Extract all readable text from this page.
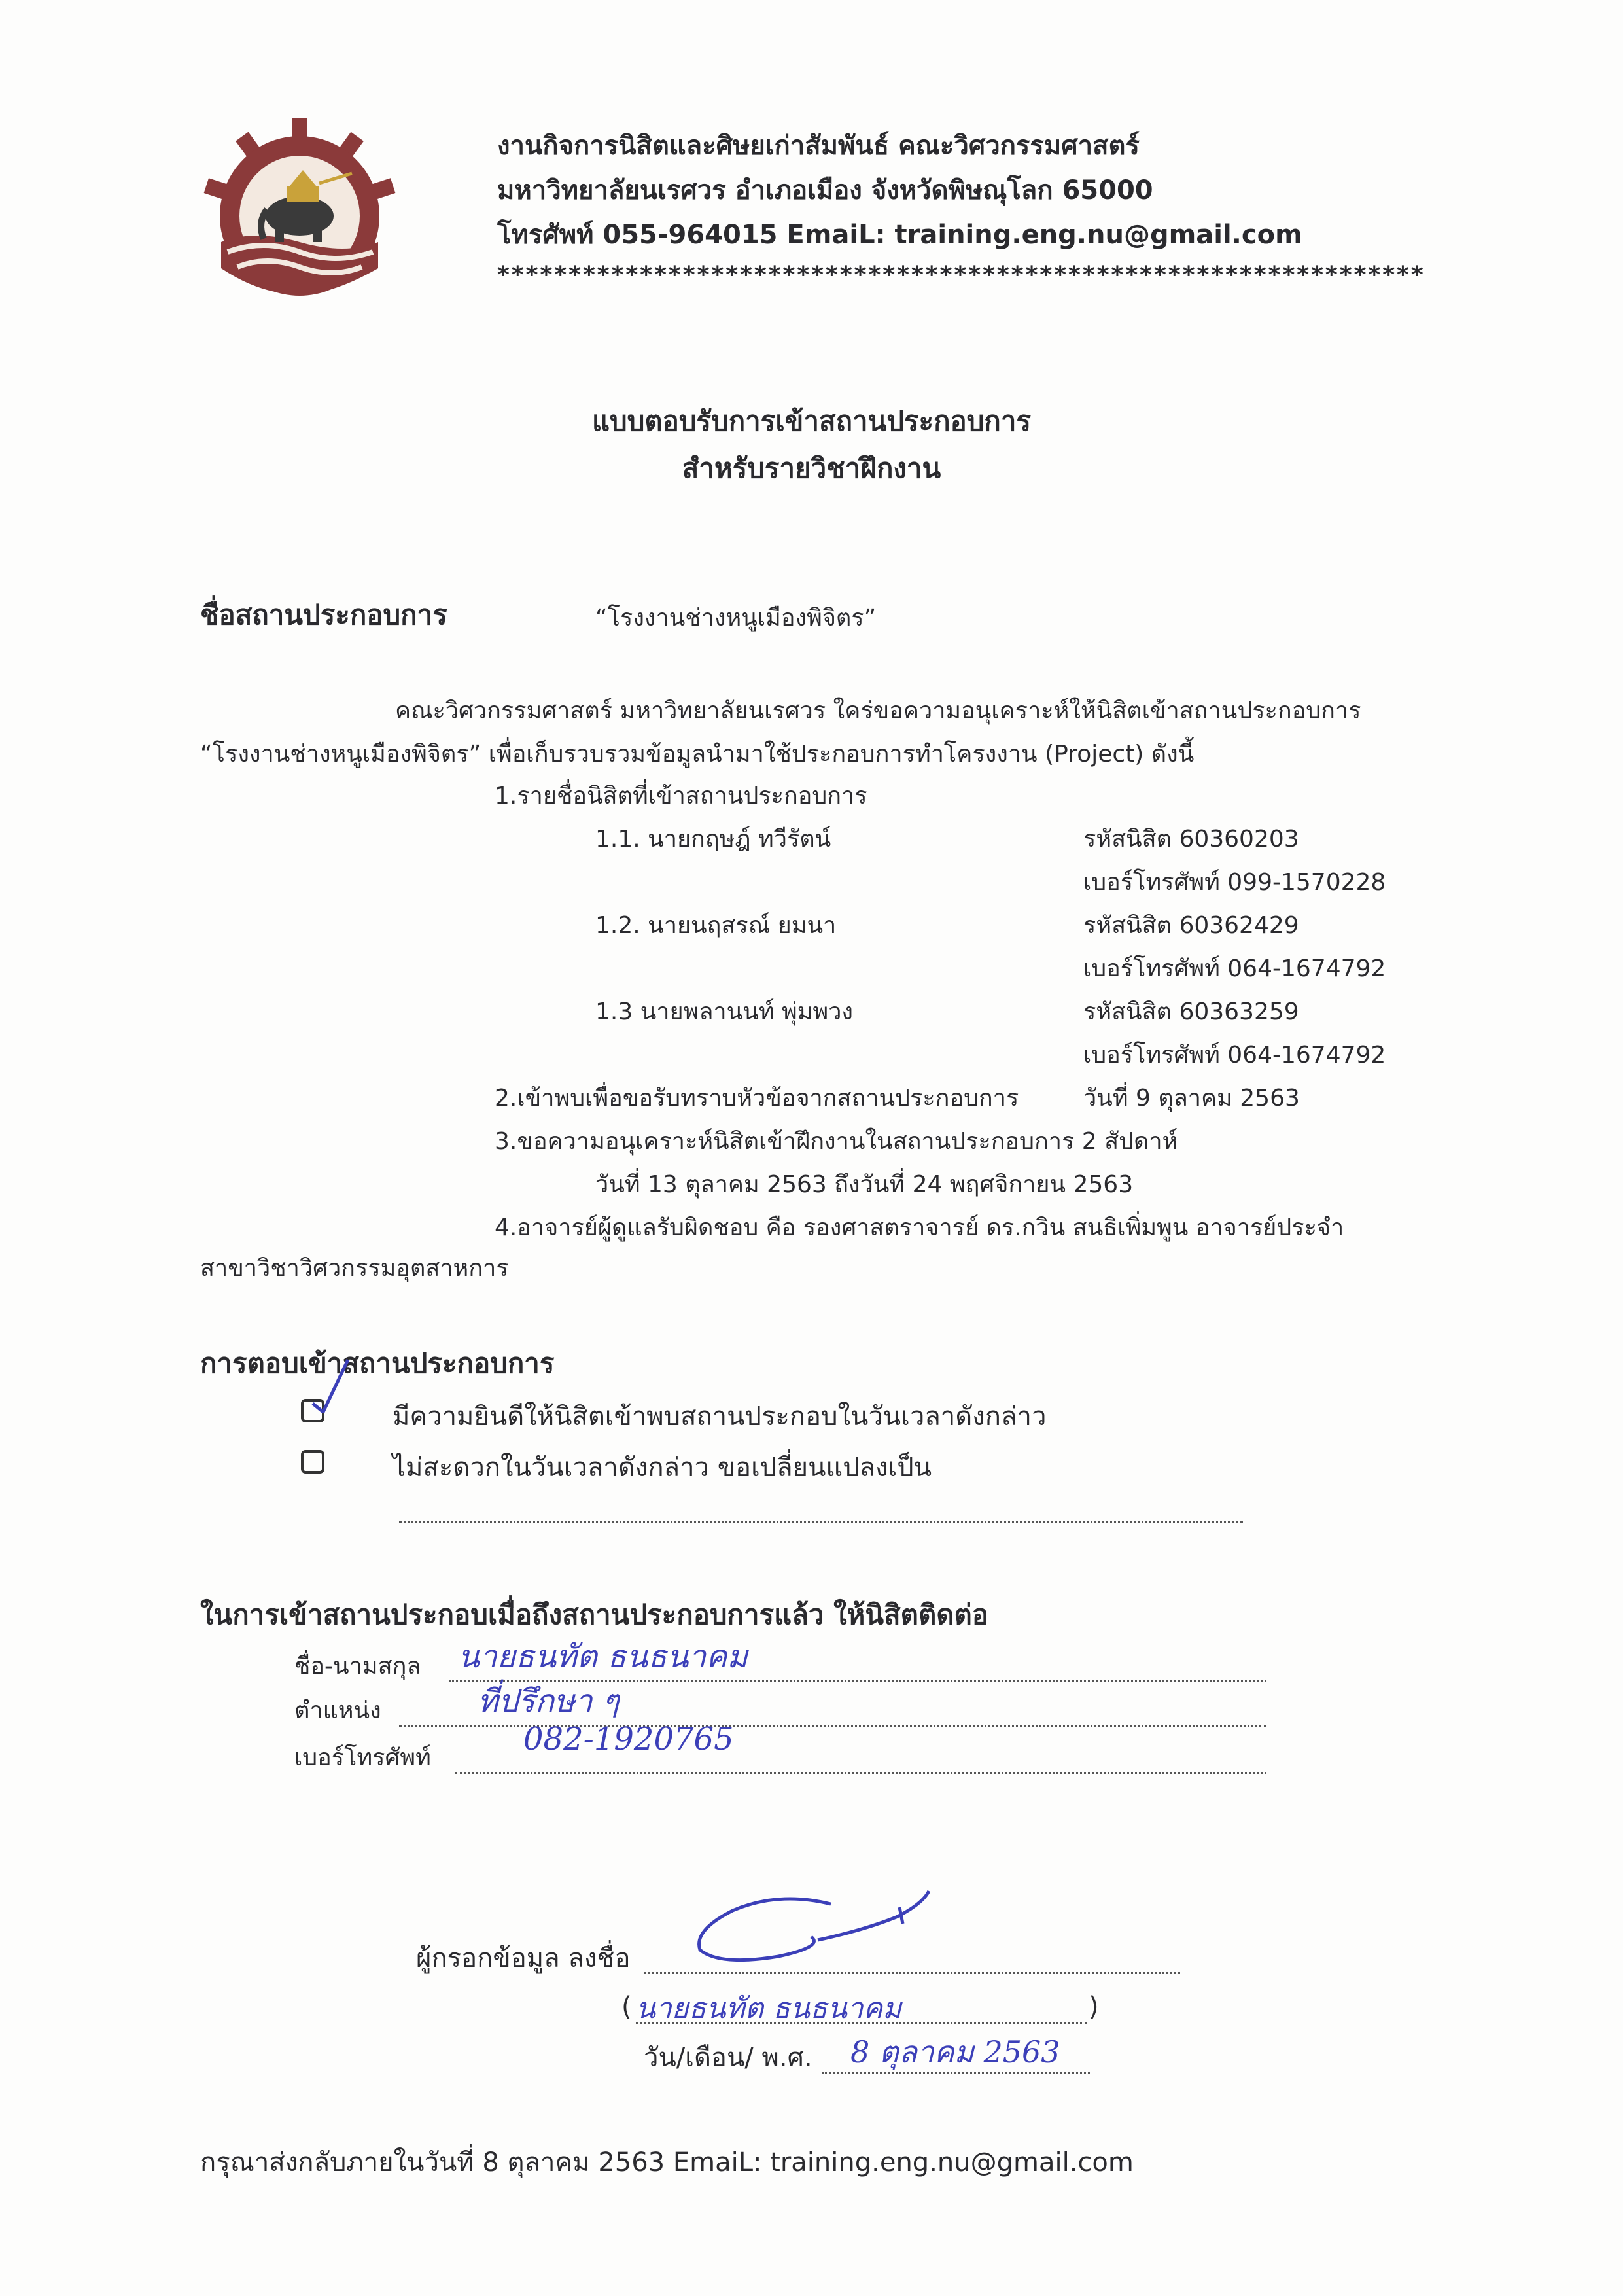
งานกิจการนิสิตและศิษยเก่าสัมพันธ์ คณะวิศวกรรมศาสตร์
มหาวิทยาลัยนเรศวร อำเภอเมือง จังหวัดพิษณุโลก 65000
โทรศัพท์ 055-964015 EmaiL: training.eng.nu@gmail.com
*****************************************************************
แบบตอบรับการเข้าสถานประกอบการ
สำหรับรายวิชาฝึกงาน
ชื่อสถานประกอบการ	“โรงงานช่างหนูเมืองพิจิตร”
คณะวิศวกรรมศาสตร์ มหาวิทยาลัยนเรศวร ใคร่ขอความอนุเคราะห์ให้นิสิตเข้าสถานประกอบการ
“โรงงานช่างหนูเมืองพิจิตร” เพื่อเก็บรวบรวมข้อมูลนำมาใช้ประกอบการทำโครงงาน (Project) ดังนี้
1.รายชื่อนิสิตที่เข้าสถานประกอบการ
1.1. นายกฤษฎ์ ทวีรัตน์	รหัสนิสิต 60360203
เบอร์โทรศัพท์ 099-1570228
1.2. นายนฤสรณ์ ยมนา	รหัสนิสิต 60362429
เบอร์โทรศัพท์ 064-1674792
1.3 นายพลานนท์ พุ่มพวง	รหัสนิสิต 60363259
เบอร์โทรศัพท์ 064-1674792
2.เข้าพบเพื่อขอรับทราบหัวข้อจากสถานประกอบการ	วันที่ 9 ตุลาคม 2563
3.ขอความอนุเคราะห์นิสิตเข้าฝึกงานในสถานประกอบการ 2 สัปดาห์
วันที่ 13 ตุลาคม 2563 ถึงวันที่ 24 พฤศจิกายน 2563
4.อาจารย์ผู้ดูแลรับผิดชอบ คือ รองศาสตราจารย์ ดร.กวิน สนธิเพิ่มพูน อาจารย์ประจำ
สาขาวิชาวิศวกรรมอุตสาหการ
การตอบเข้าสถานประกอบการ
มีความยินดีให้นิสิตเข้าพบสถานประกอบในวันเวลาดังกล่าว
ไม่สะดวกในวันเวลาดังกล่าว ขอเปลี่ยนแปลงเป็น
ในการเข้าสถานประกอบเมื่อถึงสถานประกอบการแล้ว ให้นิสิตติดต่อ
ชื่อ-นามสกุล นายธนทัต ธนธนาคม
ตำแหน่ง	ที่ปรึกษา ๆ
เบอร์โทรศัพท์
082-1920765
ผู้กรอกข้อมูล ลงชื่อ
( นายธนทัต ธนธนาคม	)
วัน/เดือน/ พ.ศ. 8 ตุลาคม 2563
กรุณาส่งกลับภายในวันที่ 8 ตุลาคม 2563 EmaiL: training.eng.nu@gmail.com
